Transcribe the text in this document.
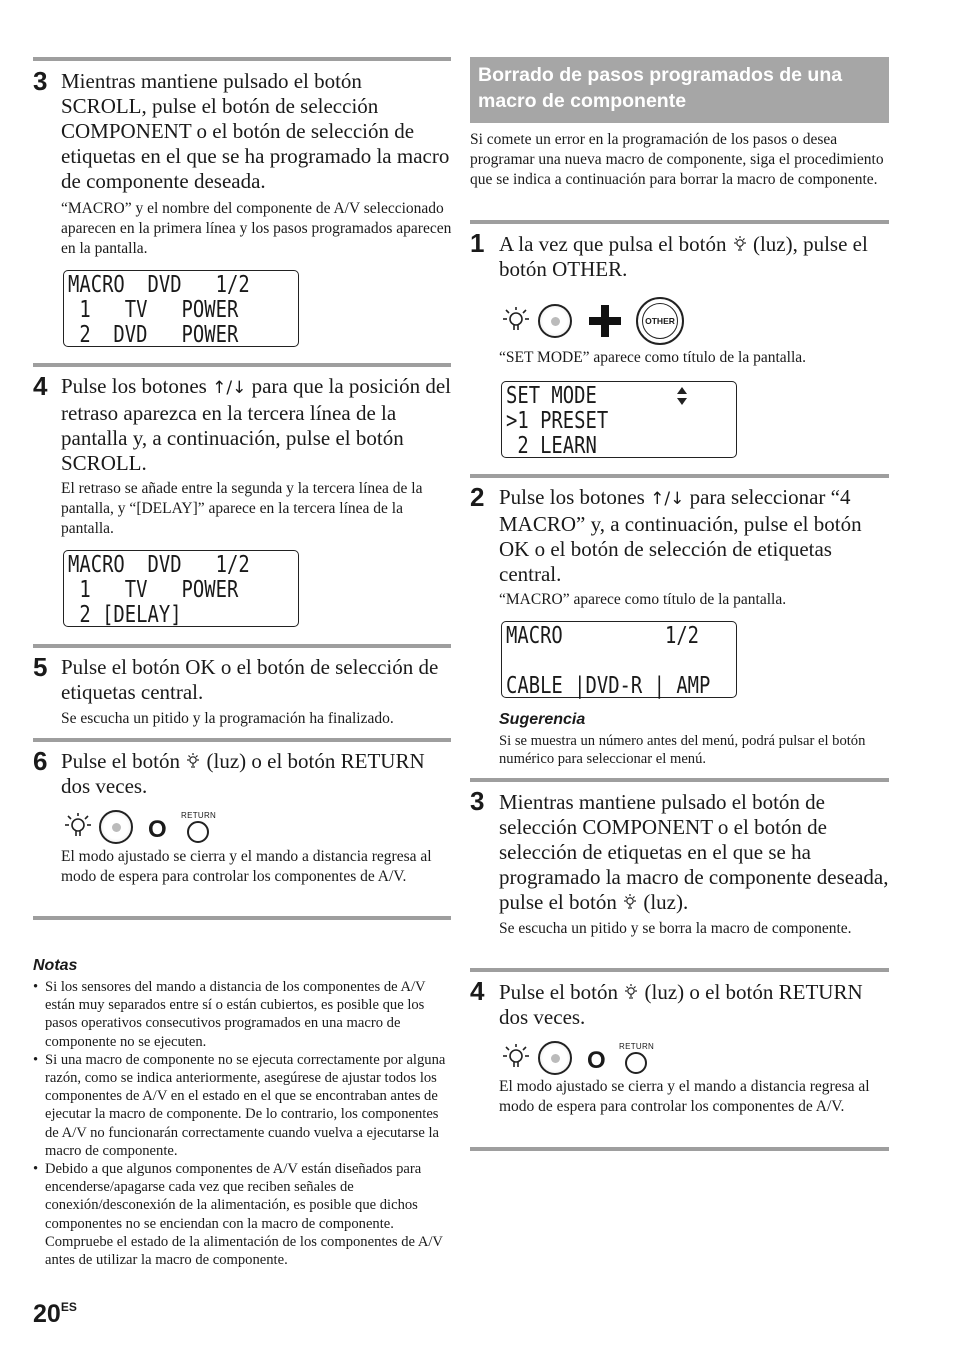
3 Mientras mantiene pulsado el botón SCROLL, pulse el botón de selección COMPONENT o el botón de selección de etiquetas en el que se ha programado la macro de componente deseada.
“MACRO” y el nombre del componente de A/V seleccionado aparecen en la primera línea y los pasos programados aparecen en la pantalla.
MACRO  DVD   1/2
1   TV   POWER
2  DVD   POWER
4 Pulse los botones ↑/↓ para que la posición del retraso aparezca en la tercera línea de la pantalla y, a continuación, pulse el botón SCROLL.
El retraso se añade entre la segunda y la tercera línea de la pantalla, y “[DELAY]” aparece en la tercera línea de la pantalla.
MACRO  DVD   1/2
1   TV   POWER
2 [DELAY]
5 Pulse el botón OK o el botón de selección de etiquetas central.
Se escucha un pitido y la programación ha finalizado.
6 Pulse el botón  (luz) o el botón RETURN dos veces.
O
RETURN
El modo ajustado se cierra y el mando a distancia regresa al modo de espera para controlar los componentes de A/V.
Notas
• Si los sensores del mando a distancia de los componentes de A/V están muy separados entre sí o están cubiertos, es posible que los pasos operativos consecutivos programados en una macro de componente no se ejecuten.
• Si una macro de componente no se ejecuta correctamente por alguna razón, como se indica anteriormente, asegúrese de ajustar todos los componentes de A/V en el estado en el que se encontraban antes de ejecutar la macro de componente. De lo contrario, los componentes de A/V no funcionarán correctamente cuando vuelva a ejecutarse la macro de componente.
• Debido a que algunos componentes de A/V están diseñados para encenderse/apagarse cada vez que reciben señales de conexión/desconexión de la alimentación, es posible que dichos componentes no se enciendan con la macro de componente. Compruebe el estado de la alimentación de los componentes de A/V antes de utilizar la macro de componente.
$20^{ES}$
Borrado de pasos programados de una macro de componente
Si comete un error en la programación de los pasos o desea programar una nueva macro de componente, siga el procedimiento que se indica a continuación para borrar la macro de componente.
1 A la vez que pulsa el botón  (luz), pulse el botón OTHER.
OTHER
“SET MODE” aparece como título de la pantalla.
SET MODE
>1 PRESET
2 LEARN
2 Pulse los botones ↑/↓ para seleccionar “4 MACRO” y, a continuación, pulse el botón OK o el botón de selección de etiquetas central.
“MACRO” aparece como título de la pantalla.
MACRO         1/2
CABLE |DVD-R | AMP
Sugerencia
Si se muestra un número antes del menú, podrá pulsar el botón numérico para seleccionar el menú.
3 Mientras mantiene pulsado el botón de selección COMPONENT o el botón de selección de etiquetas en el que se ha programado la macro de componente deseada, pulse el botón  (luz).
Se escucha un pitido y se borra la macro de componente.
4 Pulse el botón  (luz) o el botón RETURN dos veces.
O
RETURN
El modo ajustado se cierra y el mando a distancia regresa al modo de espera para controlar los componentes de A/V.
